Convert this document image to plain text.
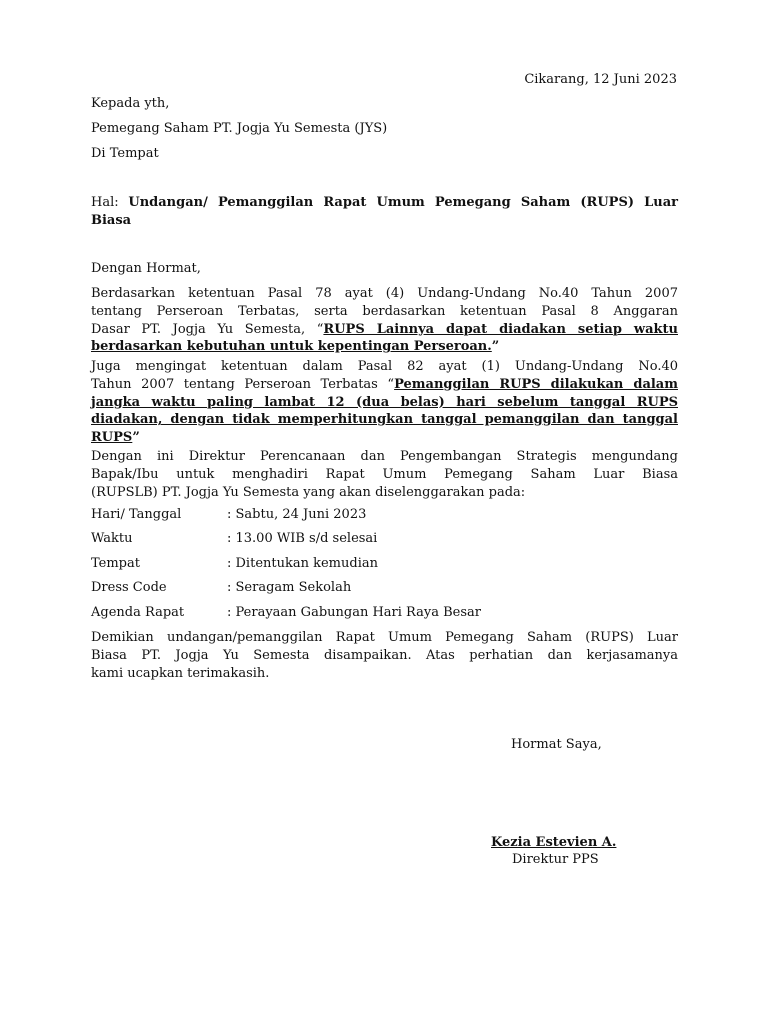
Cikarang, 12 Juni 2023
Kepada yth,
Pemegang Saham PT. Jogja Yu Semesta (JYS)
Di Tempat
Hal: Undangan/ Pemanggilan Rapat Umum Pemegang Saham (RUPS) Luar
Biasa
Dengan Hormat,
Berdasarkan ketentuan Pasal 78 ayat (4) Undang-Undang No.40 Tahun 2007
tentang Perseroan Terbatas, serta berdasarkan ketentuan Pasal 8 Anggaran
Dasar PT. Jogja Yu Semesta, “RUPS Lainnya dapat diadakan setiap waktu
berdasarkan kebutuhan untuk kepentingan Perseroan.”
Juga mengingat ketentuan dalam Pasal 82 ayat (1) Undang-Undang No.40
Tahun 2007 tentang Perseroan Terbatas “Pemanggilan RUPS dilakukan dalam
jangka waktu paling lambat 12 (dua belas) hari sebelum tanggal RUPS
diadakan, dengan tidak memperhitungkan tanggal pemanggilan dan tanggal
RUPS”
Dengan ini Direktur Perencanaan dan Pengembangan Strategis mengundang
Bapak/Ibu untuk menghadiri Rapat Umum Pemegang Saham Luar Biasa
(RUPSLB) PT. Jogja Yu Semesta yang akan diselenggarakan pada:
Hari/ Tanggal	: Sabtu, 24 Juni 2023
Waktu	: 13.00 WIB s/d selesai
Tempat	: Ditentukan kemudian
Dress Code	: Seragam Sekolah
Agenda Rapat	: Perayaan Gabungan Hari Raya Besar
Demikian undangan/pemanggilan Rapat Umum Pemegang Saham (RUPS) Luar
Biasa PT. Jogja Yu Semesta disampaikan. Atas perhatian dan kerjasamanya
kami ucapkan terimakasih.
Hormat Saya,
Kezia Estevien A.
Direktur PPS
